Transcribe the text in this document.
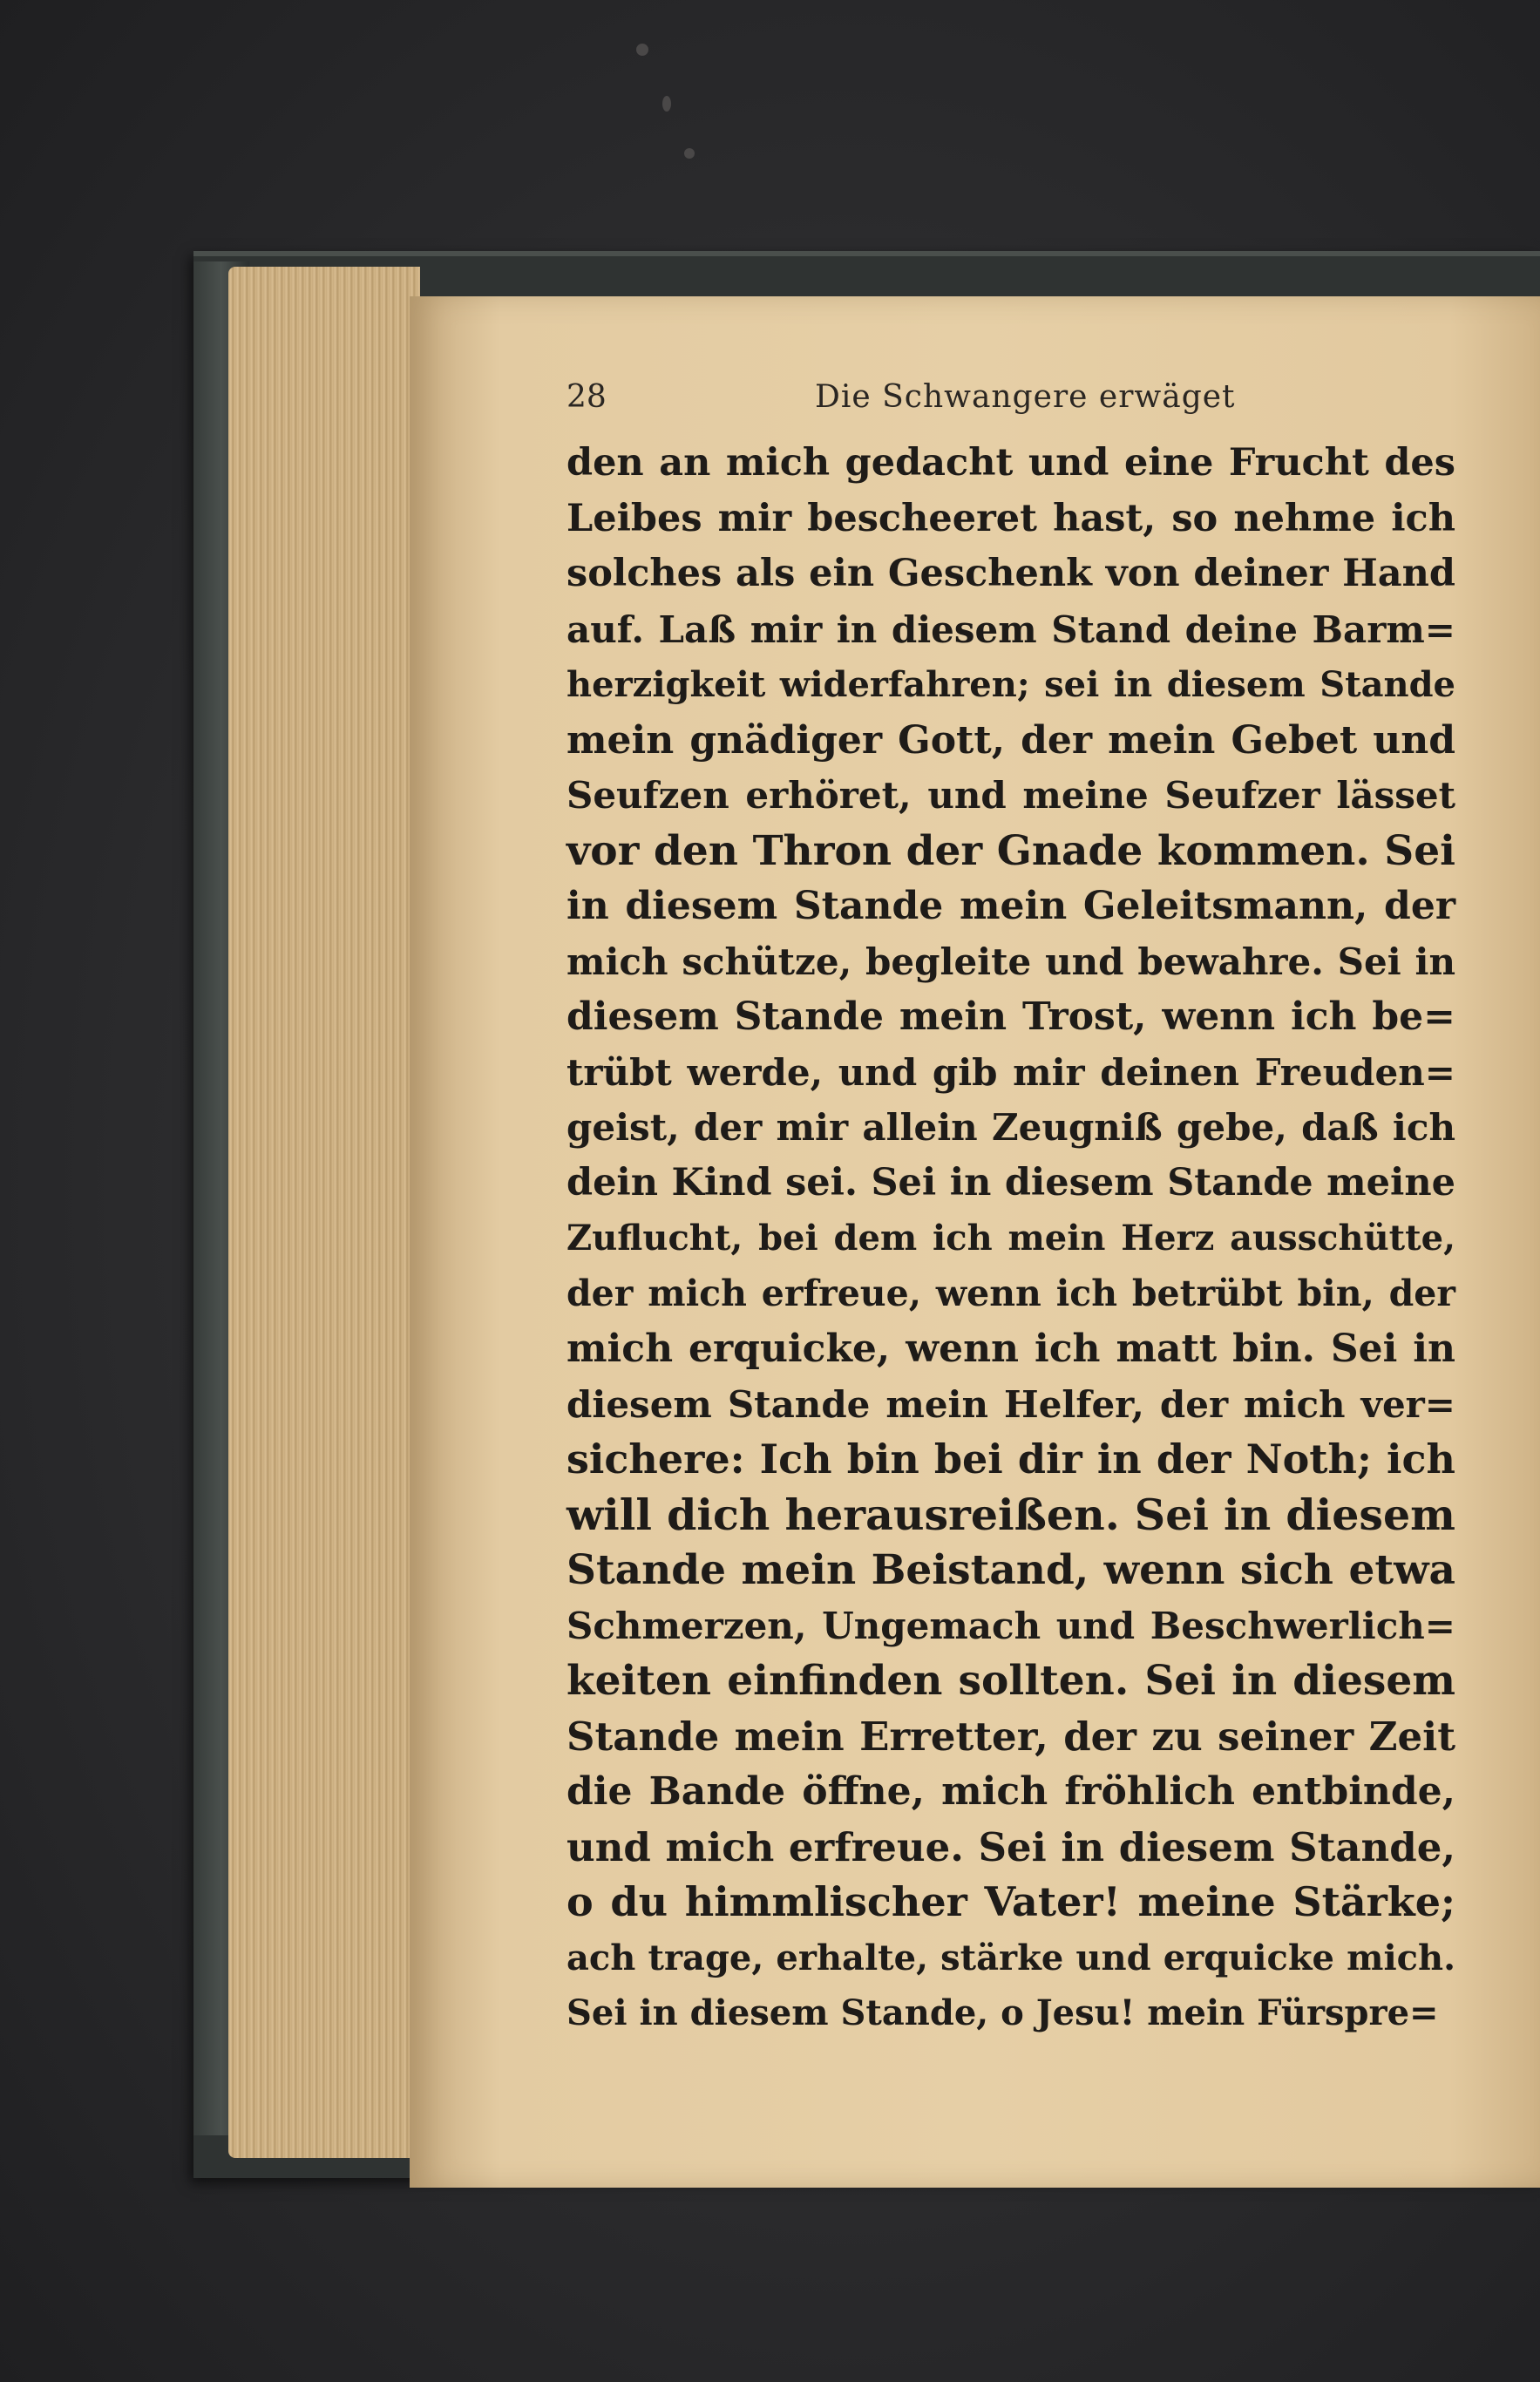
28	Die Schwangere erwäget
den an mich gedacht und eine Frucht des
Leibes mir bescheeret hast, so nehme ich
solches als ein Geschenk von deiner Hand
auf. Laß mir in diesem Stand deine Barm=
herzigkeit widerfahren; sei in diesem Stande
mein gnädiger Gott, der mein Gebet und
Seufzen erhöret, und meine Seufzer lässet
vor den Thron der Gnade kommen. Sei
in diesem Stande mein Geleitsmann, der
mich schütze, begleite und bewahre. Sei in
diesem Stande mein Trost, wenn ich be=
trübt werde, und gib mir deinen Freuden=
geist, der mir allein Zeugniß gebe, daß ich
dein Kind sei. Sei in diesem Stande meine
Zuflucht, bei dem ich mein Herz ausschütte,
der mich erfreue, wenn ich betrübt bin, der
mich erquicke, wenn ich matt bin. Sei in
diesem Stande mein Helfer, der mich ver=
sichere: Ich bin bei dir in der Noth; ich
will dich herausreißen. Sei in diesem
Stande mein Beistand, wenn sich etwa
Schmerzen, Ungemach und Beschwerlich=
keiten einfinden sollten. Sei in diesem
Stande mein Erretter, der zu seiner Zeit
die Bande öffne, mich fröhlich entbinde,
und mich erfreue. Sei in diesem Stande,
o du himmlischer Vater! meine Stärke;
ach trage, erhalte, stärke und erquicke mich.
Sei in diesem Stande, o Jesu! mein Fürspre=
